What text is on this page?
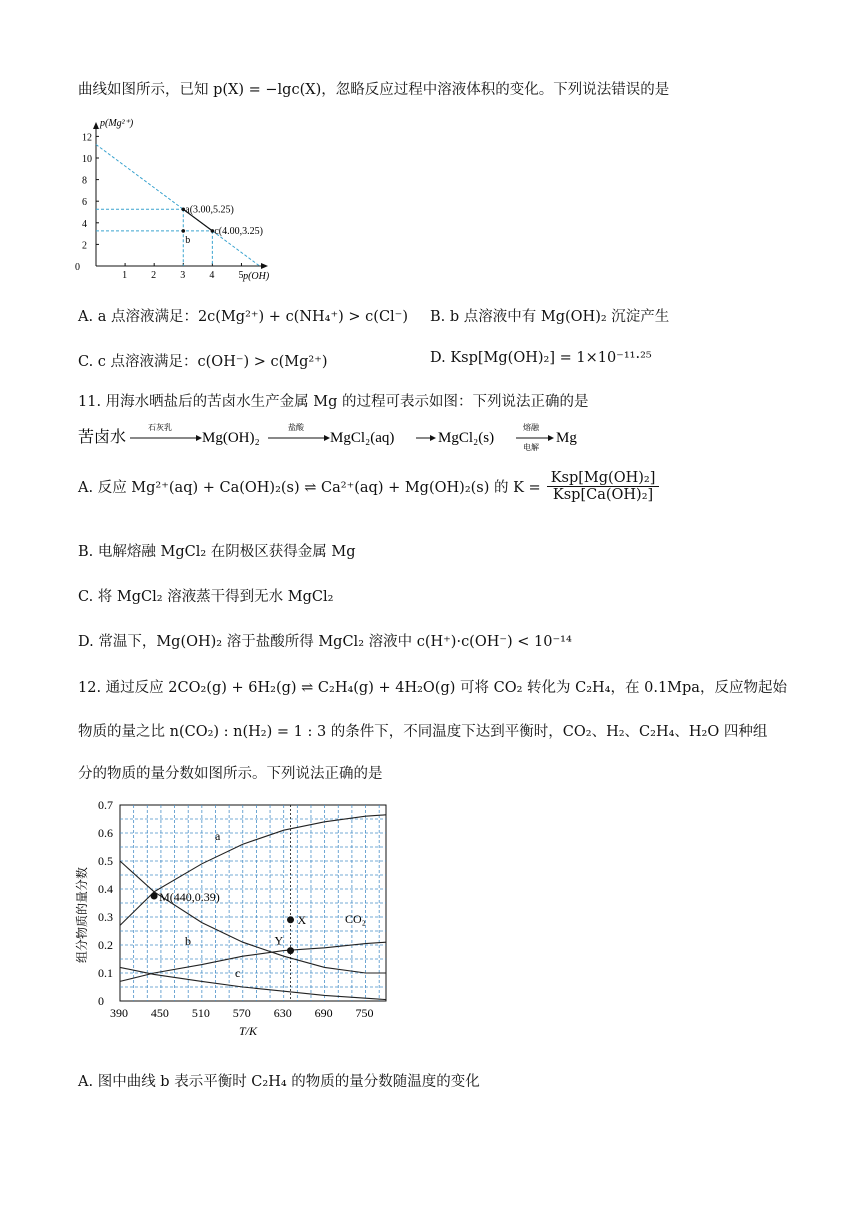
曲线如图所示，已知 p(X) = −lgc(X)，忽略反应过程中溶液体积的变化。下列说法错误的是
0
2
4
6
8
10
12
1 2 3 4 5
p(Mg²⁺)
p(OH)
a(3.00,5.25)
b
c(4.00,3.25)
A. a 点溶液满足：2c(Mg²⁺) + c(NH₄⁺) > c(Cl⁻) B. b 点溶液中有 Mg(OH)₂ 沉淀产生
C. c 点溶液满足：c(OH⁻) > c(Mg²⁺)	D. Ksp[Mg(OH)₂] = 1×10⁻¹¹·²⁵
11. 用海水晒盐后的苦卤水生产金属 Mg 的过程可表示如图：下列说法正确的是
苦卤水
石灰乳
Mg(OH)₂
盐酸
MgCl₂(aq)	MgCl₂(s)
熔融
电解
Mg
A. 反应 Mg²⁺(aq) + Ca(OH)₂(s) ⇌ Ca²⁺(aq) + Mg(OH)₂(s) 的 $K = \frac{\text{Ksp[Mg(OH)₂]}}{\text{Ksp[Ca(OH)₂]}}$
B. 电解熔融 MgCl₂ 在阴极区获得金属 Mg
C. 将 MgCl₂ 溶液蒸干得到无水 MgCl₂
D. 常温下，Mg(OH)₂ 溶于盐酸所得 MgCl₂ 溶液中 c(H⁺)·c(OH⁻) < 10⁻¹⁴
12. 通过反应 2CO₂(g) + 6H₂(g) ⇌ C₂H₄(g) + 4H₂O(g) 可将 CO₂ 转化为 C₂H₄，在 0.1Mpa，反应物起始
物质的量之比 n(CO₂) : n(H₂) = 1 : 3 的条件下，不同温度下达到平衡时，CO₂、H₂、C₂H₄、H₂O 四种组
分的物质的量分数如图所示。下列说法正确的是
0
0.1
0.2
0.3
0.4
0.5
0.6
0.7
390 450 510 570 630 690 750
T/K
组分物质的量分数
a
b
c
CO₂
M(440,0.39)
X
Y
A. 图中曲线 b 表示平衡时 C₂H₄ 的物质的量分数随温度的变化
